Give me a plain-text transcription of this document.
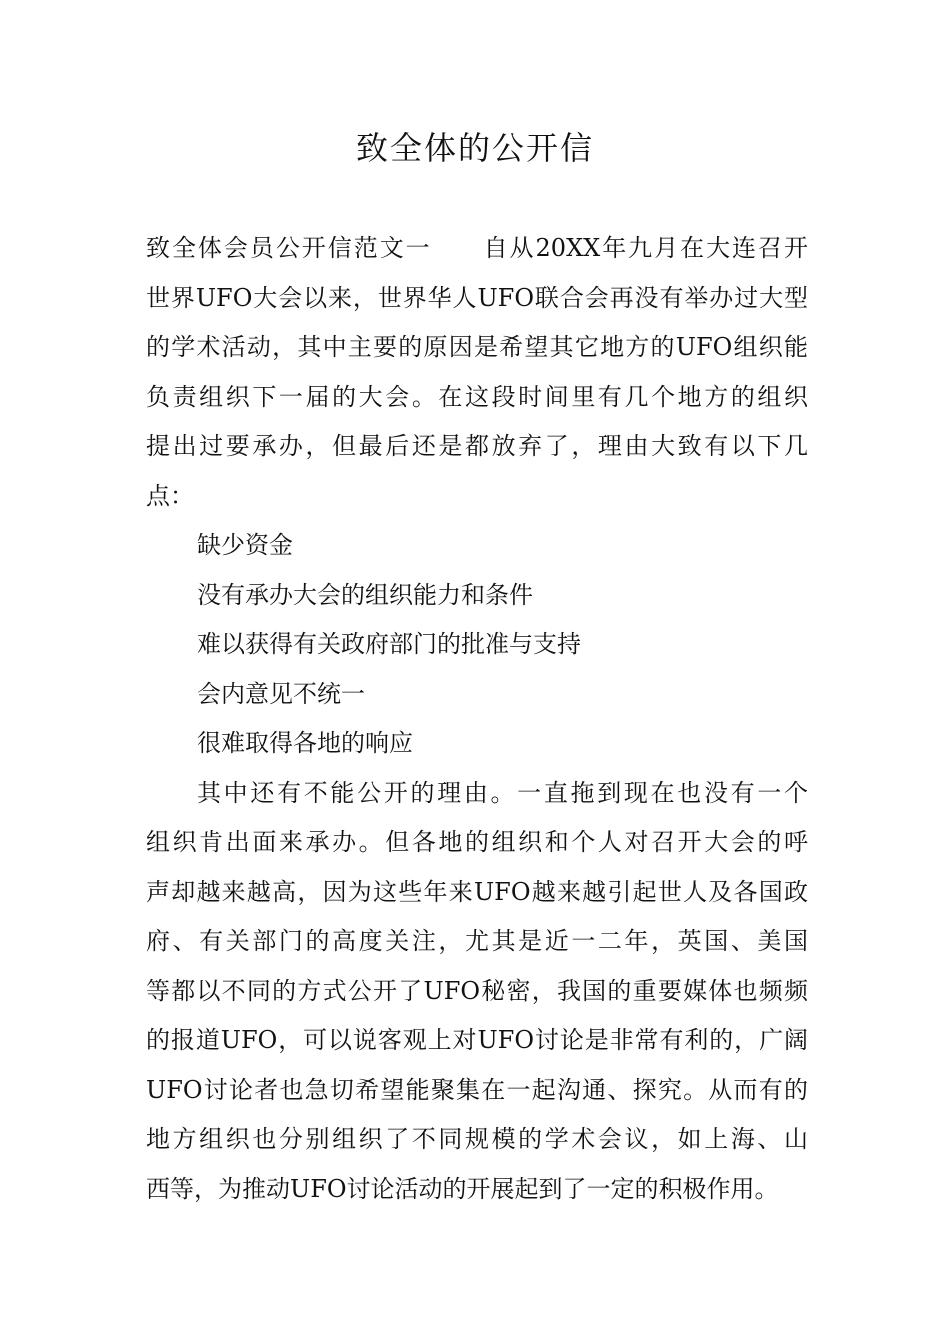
致全体的公开信
致全体会员公开信范文一　　自从20XX年九月在大连召开
世界UFO大会以来，世界华人UFO联合会再没有举办过大型
的学术活动，其中主要的原因是希望其它地方的UFO组织能
负责组织下一届的大会。在这段时间里有几个地方的组织
提出过要承办，但最后还是都放弃了，理由大致有以下几
点：
缺少资金
没有承办大会的组织能力和条件
难以获得有关政府部门的批准与支持
会内意见不统一
很难取得各地的响应
其中还有不能公开的理由。一直拖到现在也没有一个
组织肯出面来承办。但各地的组织和个人对召开大会的呼
声却越来越高，因为这些年来UFO越来越引起世人及各国政
府、有关部门的高度关注，尤其是近一二年，英国、美国
等都以不同的方式公开了UFO秘密，我国的重要媒体也频频
的报道UFO，可以说客观上对UFO讨论是非常有利的，广阔
UFO讨论者也急切希望能聚集在一起沟通、探究。从而有的
地方组织也分别组织了不同规模的学术会议，如上海、山
西等，为推动UFO讨论活动的开展起到了一定的积极作用。
